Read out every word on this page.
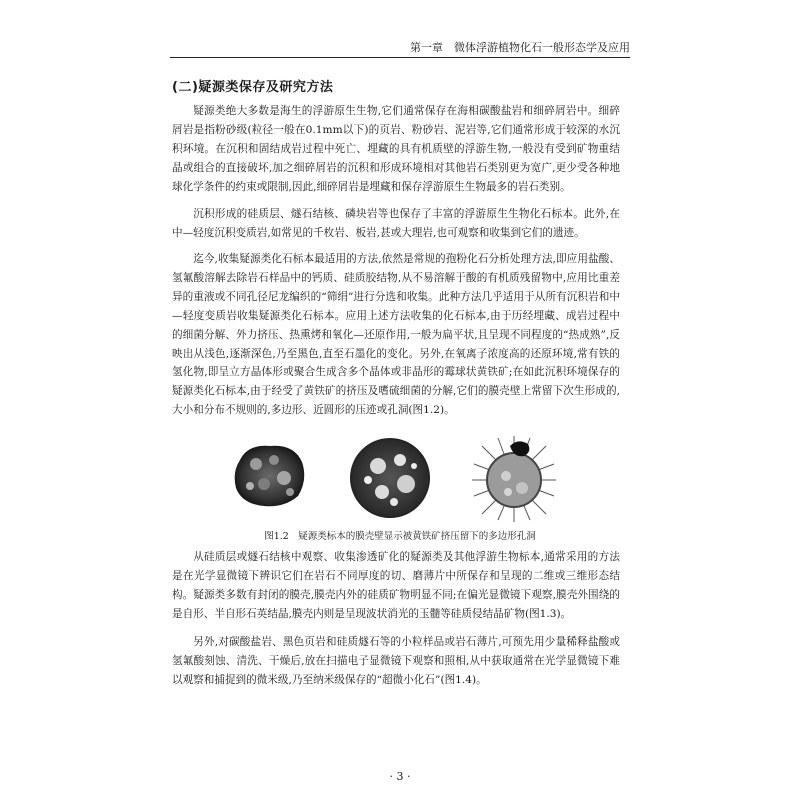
第一章　微体浮游植物化石一般形态学及应用
(二)疑源类保存及研究方法

疑源类绝大多数是海生的浮游原生生物,它们通常保存在海相碳酸盐岩和细碎屑岩中。细碎屑岩是指粉砂级(粒径一般在0.1mm以下)的页岩、粉砂岩、泥岩等,它们通常形成于较深的水沉积环境。在沉积和固结成岩过程中死亡、埋藏的具有机质壁的浮游生物,一般没有受到矿物重结晶或组合的直接破坏,加之细碎屑岩的沉积和形成环境相对其他岩石类别更为宽广,更少受各种地球化学条件的约束或限制,因此,细碎屑岩是埋藏和保存浮游原生生物最多的岩石类别。

沉积形成的硅质层、燧石结核、磷块岩等也保存了丰富的浮游原生生物化石标本。此外,在中—轻度沉积变质岩,如常见的千枚岩、板岩,甚或大理岩,也可观察和收集到它们的遗迹。

迄今,收集疑源类化石标本最适用的方法,依然是常规的孢粉化石分析处理方法,即应用盐酸、氢氟酸溶解去除岩石样品中的钙质、硅质胶结物,从不易溶解于酸的有机质残留物中,应用比重差异的重液或不同孔径尼龙编织的“筛绢”进行分选和收集。此种方法几乎适用于从所有沉积岩和中—轻度变质岩收集疑源类化石标本。应用上述方法收集的化石标本,由于历经埋藏、成岩过程中的细菌分解、外力挤压、热熏烤和氧化—还原作用,一般为扁平状,且呈现不同程度的“热成熟”,反映出从浅色,逐渐深色,乃至黑色,直至石墨化的变化。另外,在氧离子浓度高的还原环境,常有铁的氢化物,即呈立方晶体形或聚合生成含多个晶体或非晶形的霉球状黄铁矿;在如此沉积环境保存的疑源类化石标本,由于经受了黄铁矿的挤压及嗜硫细菌的分解,它们的膜壳壁上常留下次生形成的,大小和分布不规则的,多边形、近圆形的压迹或孔洞(图1.2)。

图1.2　疑源类标本的膜壳壁显示被黄铁矿挤压留下的多边形孔洞

从硅质层或燧石结核中观察、收集渗透矿化的疑源类及其他浮游生物标本,通常采用的方法是在光学显微镜下辨识它们在岩石不同厚度的切、磨薄片中所保存和呈现的二维或三维形态结构。疑源类多数有封闭的膜壳,膜壳内外的硅质矿物明显不同;在偏光显微镜下观察,膜壳外围绕的是自形、半自形石英结晶,膜壳内则是呈现波状消光的玉髓等硅质侵结晶矿物(图1.3)。

另外,对碳酸盐岩、黑色页岩和硅质燧石等的小粒样品或岩石薄片,可预先用少量稀释盐酸或氢氟酸刻蚀、清洗、干燥后,放在扫描电子显微镜下观察和照相,从中获取通常在光学显微镜下难以观察和捕捉到的微米级,乃至纳米级保存的“超微小化石”(图1.4)。

· 3 ·
